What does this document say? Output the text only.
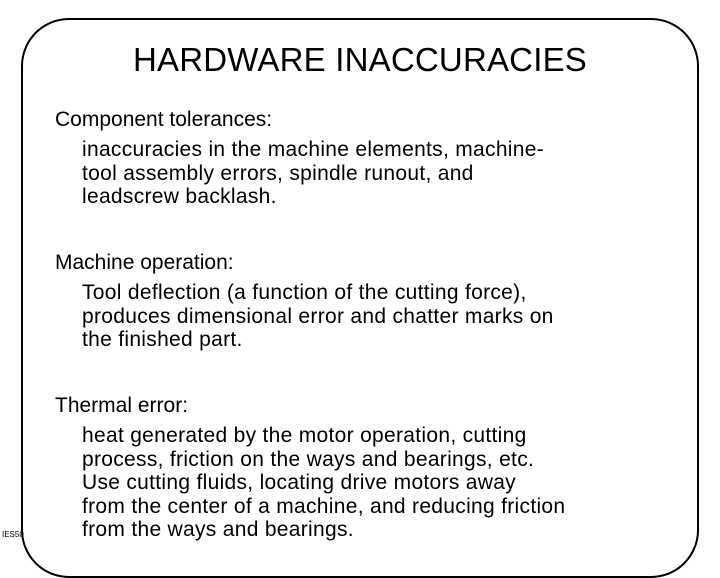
HARDWARE INACCURACIES

Component tolerances:

inaccuracies in the machine elements, machine-
tool assembly errors, spindle runout, and
leadscrew backlash.

Machine operation:

Tool deflection (a function of the cutting force),
produces dimensional error and chatter marks on
the finished part.

Thermal error:

heat generated by the motor operation, cutting
process, friction on the ways and bearings, etc.
Use cutting fluids, locating drive motors away
from the center of a machine, and reducing friction
from the ways and bearings.
IES50
